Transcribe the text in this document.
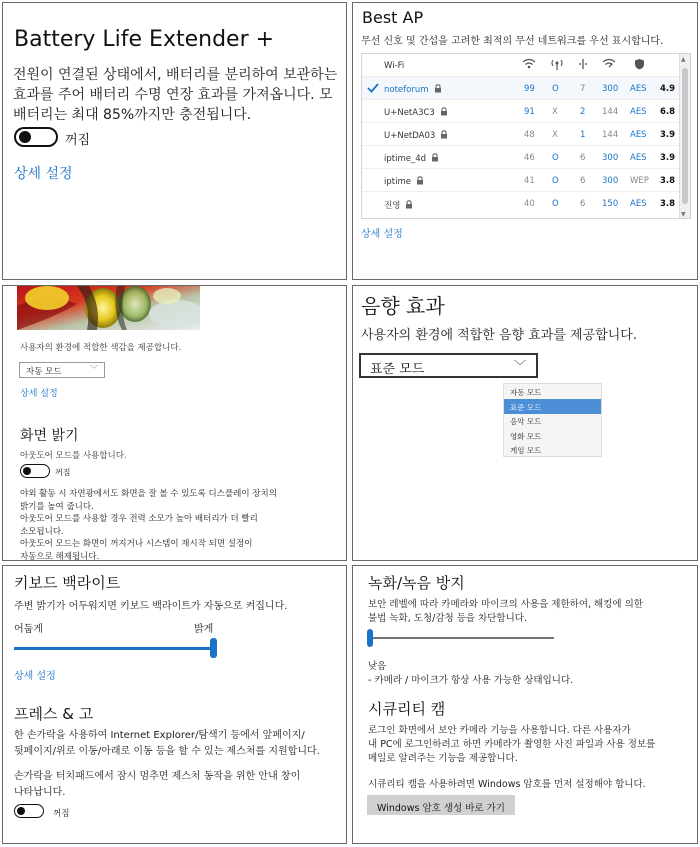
Battery Life Extender +
전원이 연결된 상태에서, 배터리를 분리하여 보관하는
효과를 주어 배터리 수명 연장 효과를 가져옵니다. 모
배터리는 최대 85%까지만 충전됩니다.
꺼짐
상세 설정
Best AP
무선 신호 및 간섭을 고려한 최적의 무선 네트워크를 우선 표시합니다.
Wi-Fi
noteforum	99 O	7 300 AES 4.9
U+NetA3C3	91 X	2 144 AES 6.8
U+NetDA03	48 X	1 144 AES 3.9
iptime_4d	46 O	6 300 AES 3.9
iptime	41 O	6 300 WEP 3.8
진영	40 O	6 150 AES 3.8
▲
▼
상세 설정
사용자의 환경에 적합한 색감을 제공합니다.
자동 모드	﹀
상세 설정
화면 밝기
아웃도어 모드를 사용합니다.
꺼짐
야외 활동 시 자연광에서도 화면을 잘 볼 수 있도록 디스플레이 장치의
밝기를 높여 줍니다.
아웃도어 모드를 사용할 경우 전력 소모가 높아 배터리가 더 빨리
소모됩니다.
아웃도어 모드는 화면이 꺼지거나 시스템이 재시작 되면 설정이
자동으로 해제됩니다.
음향 효과
사용자의 환경에 적합한 음향 효과를 제공합니다.
표준 모드	﹀
자동 모드
표준 모드
음악 모드
영화 모드
게임 모드
키보드 백라이트
주변 밝기가 어두워지면 키보드 백라이트가 자동으로 켜집니다.
어둡게	밝게
상세 설정
프레스 & 고
한 손가락을 사용하여 Internet Explorer/탐색기 등에서 앞페이지/
뒷페이지/위로 이동/아래로 이동 등을 할 수 있는 제스처를 지원합니다.
손가락을 터치패드에서 잠시 멈추면 제스처 동작을 위한 안내 창이
나타납니다.
꺼짐
녹화/녹음 방지
보안 레벨에 따라 카메라와 마이크의 사용을 제한하여, 해킹에 의한
불법 녹화, 도청/감청 등을 차단합니다.
낮음
- 카메라 / 마이크가 항상 사용 가능한 상태입니다.
시큐리티 캠
로그인 화면에서 보안 카메라 기능을 사용합니다. 다른 사용자가
내 PC에 로그인하려고 하면 카메라가 촬영한 사진 파일과 사용 정보를
메일로 알려주는 기능을 제공합니다.
시큐리티 캠을 사용하려면 Windows 암호를 먼저 설정해야 합니다.
Windows 암호 생성 바로 가기
